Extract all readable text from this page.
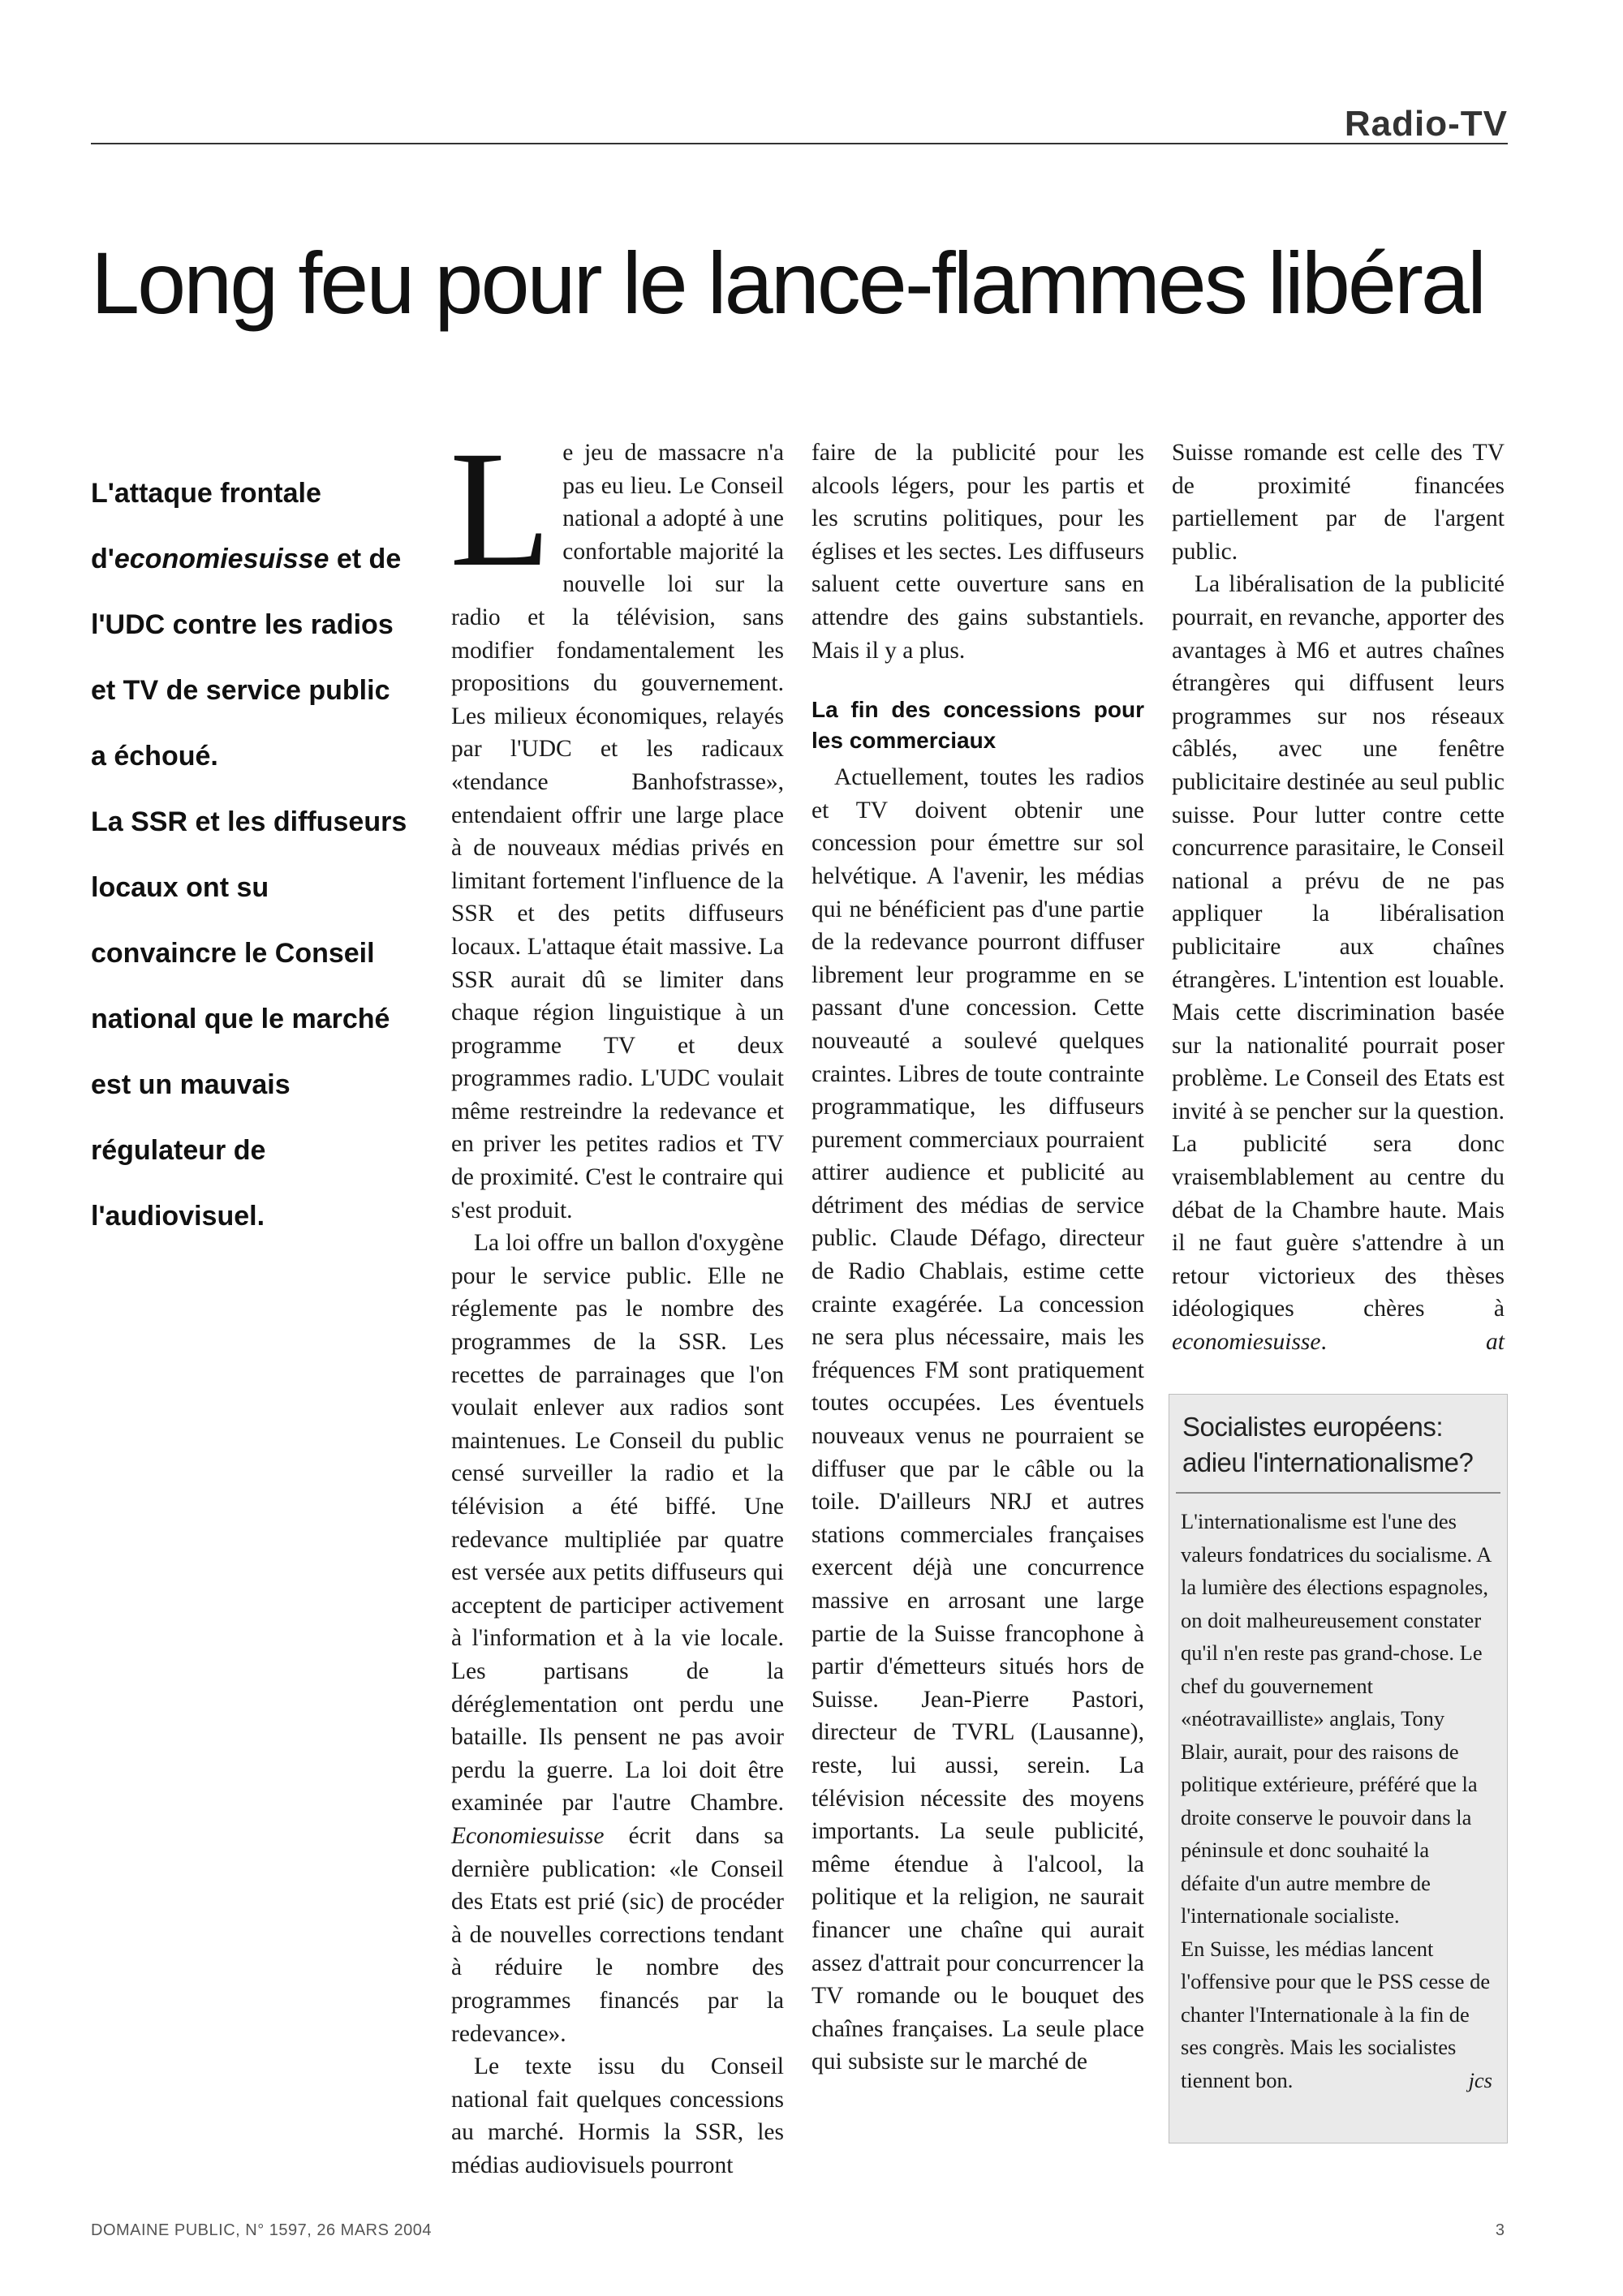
Radio-TV
Long feu pour le lance-flammes libéral

L'attaque frontale d'economiesuisse et de l'UDC contre les radios et TV de service public a échoué.

La SSR et les diffuseurs locaux ont su convaincre le Conseil national que le marché est un mauvais régulateur de l'audiovisuel.

Le jeu de massacre n'a pas eu lieu. Le Conseil national a adopté à une confortable majorité la nouvelle loi sur la radio et la télévision, sans modifier fondamentalement les propositions du gouvernement. Les milieux économiques, relayés par l'UDC et les radicaux «tendance Banhofstrasse», entendaient offrir une large place à de nouveaux médias privés en limitant fortement l'influence de la SSR et des petits diffuseurs locaux. L'attaque était massive. La SSR aurait dû se limiter dans chaque région linguistique à un programme TV et deux programmes radio. L'UDC voulait même restreindre la redevance et en priver les petites radios et TV de proximité. C'est le contraire qui s'est produit.

La loi offre un ballon d'oxygène pour le service public. Elle ne réglemente pas le nombre des programmes de la SSR. Les recettes de parrainages que l'on voulait enlever aux radios sont maintenues. Le Conseil du public censé surveiller la radio et la télévision a été biffé. Une redevance multipliée par quatre est versée aux petits diffuseurs qui acceptent de participer activement à l'information et à la vie locale. Les partisans de la déréglementation ont perdu une bataille. Ils pensent ne pas avoir perdu la guerre. La loi doit être examinée par l'autre Chambre. Economiesuisse écrit dans sa dernière publication: «le Conseil des Etats est prié (sic) de procéder à de nouvelles corrections tendant à réduire le nombre des programmes financés par la redevance».

Le texte issu du Conseil national fait quelques concessions au marché. Hormis la SSR, les médias audiovisuels pourront

faire de la publicité pour les alcools légers, pour les partis et les scrutins politiques, pour les églises et les sectes. Les diffuseurs saluent cette ouverture sans en attendre des gains substantiels. Mais il y a plus.

La fin des concessions pour les commerciaux

Actuellement, toutes les radios et TV doivent obtenir une concession pour émettre sur sol helvétique. A l'avenir, les médias qui ne bénéficient pas d'une partie de la redevance pourront diffuser librement leur programme en se passant d'une concession. Cette nouveauté a soulevé quelques craintes. Libres de toute contrainte programmatique, les diffuseurs purement commerciaux pourraient attirer audience et publicité au détriment des médias de service public. Claude Défago, directeur de Radio Chablais, estime cette crainte exagérée. La concession ne sera plus nécessaire, mais les fréquences FM sont pratiquement toutes occupées. Les éventuels nouveaux venus ne pourraient se diffuser que par le câble ou la toile. D'ailleurs NRJ et autres stations commerciales françaises exercent déjà une concurrence massive en arrosant une large partie de la Suisse francophone à partir d'émetteurs situés hors de Suisse. Jean-Pierre Pastori, directeur de TVRL (Lausanne), reste, lui aussi, serein. La télévision nécessite des moyens importants. La seule publicité, même étendue à l'alcool, la politique et la religion, ne saurait financer une chaîne qui aurait assez d'attrait pour concurrencer la TV romande ou le bouquet des chaînes françaises. La seule place qui subsiste sur le marché de

Suisse romande est celle des TV de proximité financées partiellement par de l'argent public.

La libéralisation de la publicité pourrait, en revanche, apporter des avantages à M6 et autres chaînes étrangères qui diffusent leurs programmes sur nos réseaux câblés, avec une fenêtre publicitaire destinée au seul public suisse. Pour lutter contre cette concurrence parasitaire, le Conseil national a prévu de ne pas appliquer la libéralisation publicitaire aux chaînes étrangères. L'intention est louable. Mais cette discrimination basée sur la nationalité pourrait poser problème. Le Conseil des Etats est invité à se pencher sur la question. La publicité sera donc vraisemblablement au centre du débat de la Chambre haute. Mais il ne faut guère s'attendre à un retour victorieux des thèses idéologiques chères à economiesuisse.	at

Socialistes européens: adieu l'internationalisme?

L'internationalisme est l'une des valeurs fondatrices du socialisme. A la lumière des élections espagnoles, on doit malheureusement constater qu'il n'en reste pas grand-chose. Le chef du gouvernement «néotravailliste» anglais, Tony Blair, aurait, pour des raisons de politique extérieure, préféré que la droite conserve le pouvoir dans la péninsule et donc souhaité la défaite d'un autre membre de l'internationale socialiste.

En Suisse, les médias lancent l'offensive pour que le PSS cesse de chanter l'Internationale à la fin de ses congrès. Mais les socialistes tiennent bon.	jcs

DOMAINE PUBLIC, N° 1597, 26 MARS 2004	3
